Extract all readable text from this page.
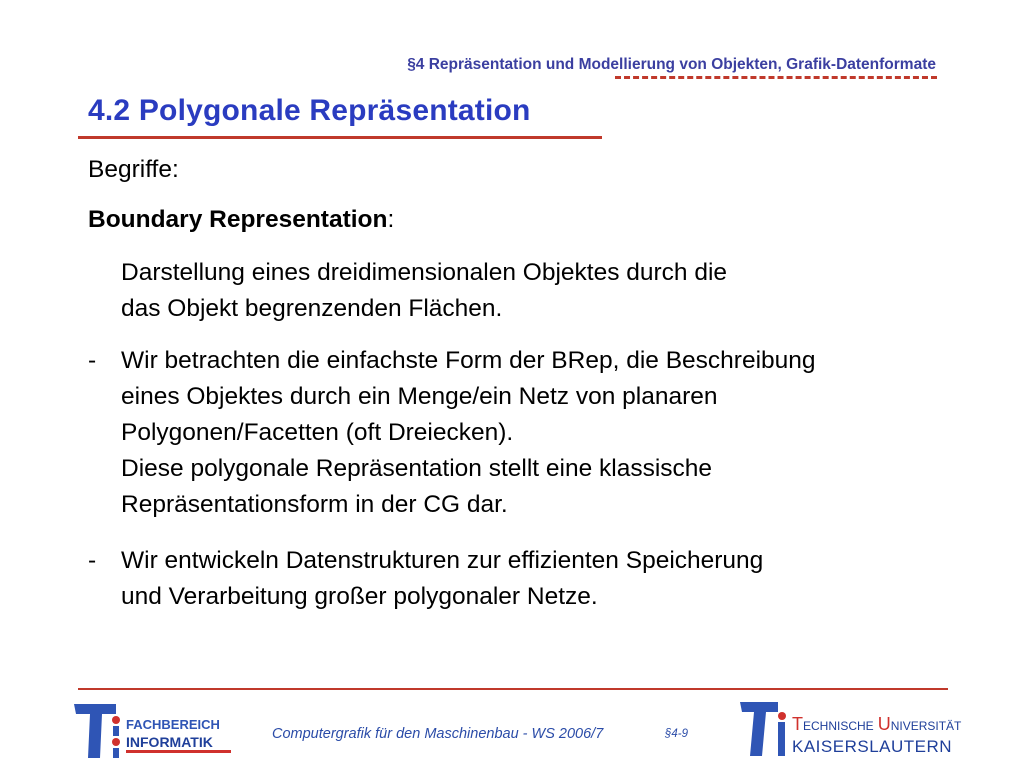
§4 Repräsentation und Modellierung von Objekten, Grafik-Datenformate
4.2 Polygonale Repräsentation
Begriffe:
Boundary Representation:
Darstellung eines dreidimensionalen Objektes durch die
das Objekt begrenzenden Flächen.
- Wir betrachten die einfachste Form der BRep, die Beschreibung
eines Objektes durch ein Menge/ein Netz von planaren
Polygonen/Facetten (oft Dreiecken).
Diese polygonale Repräsentation stellt eine klassische
Repräsentationsform in der CG dar.
- Wir entwickeln Datenstrukturen zur effizienten Speicherung
und Verarbeitung großer polygonaler Netze.
FACHBEREICH
INFORMATIK	Computergrafik für den Maschinenbau - WS 2006/7	§4-9	TECHNISCHE UNIVERSITÄT
KAISERSLAUTERN
